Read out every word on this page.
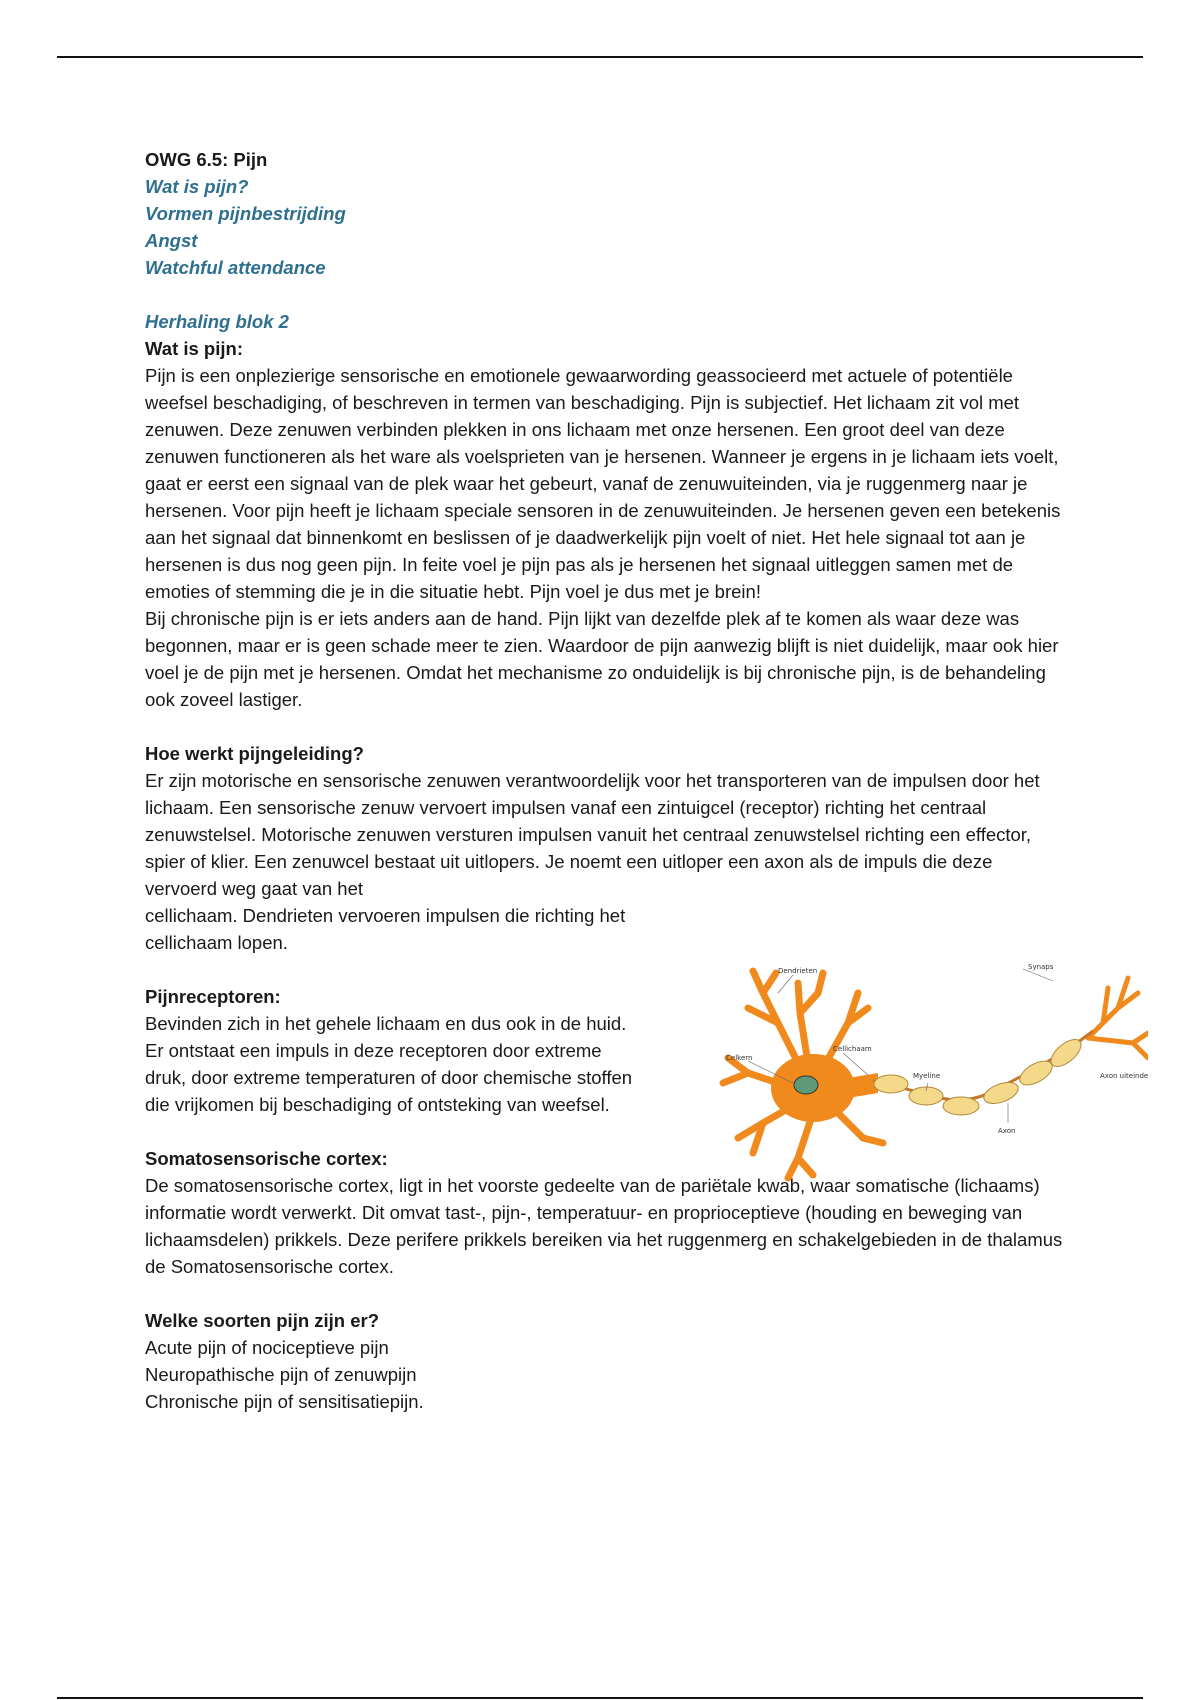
OWG 6.5: Pijn

Wat is pijn?

Vormen pijnbestrijding

Angst

Watchful attendance

Herhaling blok 2

Wat is pijn:

Pijn is een onplezierige sensorische en emotionele gewaarwording geassocieerd met actuele of potentiële weefsel beschadiging, of beschreven in termen van beschadiging. Pijn is subjectief. Het lichaam zit vol met zenuwen. Deze zenuwen verbinden plekken in ons lichaam met onze hersenen. Een groot deel van deze zenuwen functioneren als het ware als voelsprieten van je hersenen. Wanneer je ergens in je lichaam iets voelt, gaat er eerst een signaal van de plek waar het gebeurt, vanaf de zenuwuiteinden, via je ruggenmerg naar je hersenen. Voor pijn heeft je lichaam speciale sensoren in de zenuwuiteinden. Je hersenen geven een betekenis aan het signaal dat binnenkomt en beslissen of je daadwerkelijk pijn voelt of niet. Het hele signaal tot aan je hersenen is dus nog geen pijn. In feite voel je pijn pas als je hersenen het signaal uitleggen samen met de emoties of stemming die je in die situatie hebt. Pijn voel je dus met je brein!

Bij chronische pijn is er iets anders aan de hand. Pijn lijkt van dezelfde plek af te komen als waar deze was begonnen, maar er is geen schade meer te zien. Waardoor de pijn aanwezig blijft is niet duidelijk, maar ook hier voel je de pijn met je hersenen. Omdat het mechanisme zo onduidelijk is bij chronische pijn, is de behandeling ook zoveel lastiger.

Hoe werkt pijngeleiding?

Er zijn motorische en sensorische zenuwen verantwoordelijk voor het transporteren van de impulsen door het lichaam. Een sensorische zenuw vervoert impulsen vanaf een zintuigcel (receptor) richting het centraal zenuwstelsel. Motorische zenuwen versturen impulsen vanuit het centraal zenuwstelsel richting een effector, spier of klier. Een zenuwcel bestaat uit uitlopers. Je noemt een uitloper een axon als de impuls die deze vervoerd weg gaat van het

cellichaam. Dendrieten vervoeren impulsen die richting het cellichaam lopen.

Pijnreceptoren:

Bevinden zich in het gehele lichaam en dus ook in de huid. Er ontstaat een impuls in deze receptoren door extreme druk, door extreme temperaturen of door chemische stoffen die vrijkomen bij beschadiging of ontsteking van weefsel.

Somatosensorische cortex:

De somatosensorische cortex, ligt in het voorste gedeelte van de pariëtale kwab, waar somatische (lichaams) informatie wordt verwerkt. Dit omvat tast-, pijn-, temperatuur- en proprioceptieve (houding en beweging van lichaamsdelen) prikkels. Deze perifere prikkels bereiken via het ruggenmerg en schakelgebieden in de thalamus de Somatosensorische cortex.

Welke soorten pijn zijn er?

Acute pijn of nociceptieve pijn

Neuropathische pijn of zenuwpijn

Chronische pijn of sensitisatiepijn.

Dendrieten	Synaps
Celkern
Cellichaam
Myeline	Axon uiteinde
Axon
